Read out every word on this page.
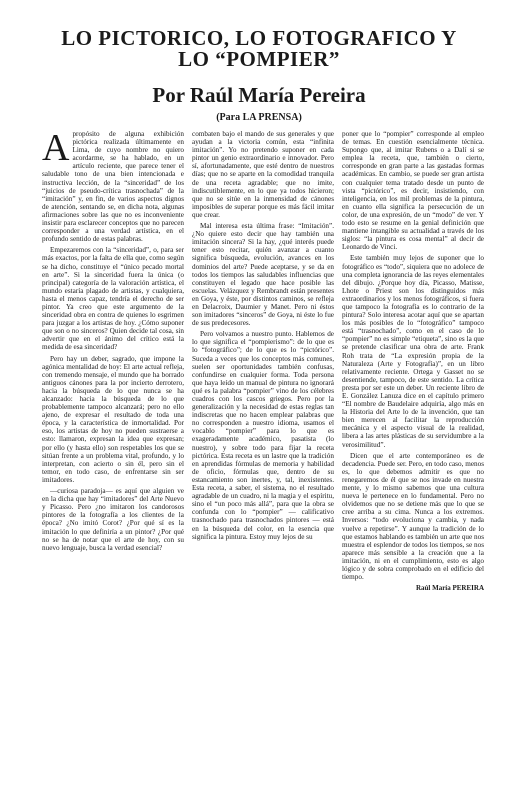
LO PICTORICO, LO FOTOGRAFICO Y
LO “POMPIER”
Por Raúl María Pereira
(Para LA PRENSA)

A propósito de alguna exhibición pictórica realizada últimamente en Lima, de cuyo nombre no quiero acordarme, se ha hablado, en un artículo reciente, que parece tener el saludable tono de una bien intencionada e instructiva lección, de la “sinceridad” de los “juicios de pseudo-crítica trasnochada” de la “imitación” y, en fin, de varios aspectos dignos de atención, sentando se, en dicha nota, algunas afirmaciones sobre las que no es inconveniente insistir para esclarecer conceptos que no parecen corresponder a una verdad artística, en el profundo sentido de estas palabras.

Empezaremos con la “sinceridad”, o, para ser más exactos, por la falta de ella que, como según se ha dicho, constituye el “único pecado mortal en arte”. Si la sinceridad fuera la única (o principal) categoría de la valoración artística, el mundo estaría plagado de artistas, y cualquiera, hasta el menos capaz, tendría el derecho de ser pintor. Ya creo que este argumento de la sinceridad obra en contra de quienes lo esgrimen para juzgar a los artistas de hoy. ¿Cómo suponer que son o no sinceros? Quien decide tal cosa, sin advertir que en el ánimo del crítico está la medida de esa sinceridad?

Pero hay un deber, sagrado, que impone la agónica mentalidad de hoy: El arte actual refleja, con tremendo mensaje, el mundo que ha borrado antiguos cánones para la por incierto derrotero, hacia la búsqueda de lo que nunca se ha alcanzado: hacia la búsqueda de lo que probablemente tampoco alcanzará; pero no ello ajeno, de expresar el resultado de toda una época, y la característica de inmortalidad. Por eso, los artistas de hoy no pueden sustraerse a esto: llamaron, expresan la idea que expresan; por ello (y hasta ello) son respetables los que se sitúan frente a un problema vital, profundo, y lo interpretan, con acierto o sin él, pero sin el temor, en todo caso, de enfrentarse sin ser imitadores.

—curiosa paradoja— es aquí que alguien ve en la dicha que hay “imitadores” del Arte Nuevo y Picasso. Pero ¿no imitaron los candorosos pintores de la fotografía a los clientes de la época? ¿No imitó Corot? ¿Por qué sí es la imitación lo que definiría a un pintor? ¿Por qué no se ha de notar que el arte de hoy, con su nuevo lenguaje, busca la verdad esencial?

combaten bajo el mando de sus generales y que ayudan a la victoria común, esta “infinita imitación”. Yo no pretendo suponer en cada pintor un genio extraordinario e innovador. Pero sí, afortunadamente, que esté dentro de nuestros días; que no se aparte en la comodidad tranquila de una receta agradable; que no imite, indiscutiblemente, en lo que ya todos hicieron; que no se sitúe en la inmensidad de cánones imposibles de superar porque es más fácil imitar que crear.

Mal interesa esta última frase: “Imitación”. ¿No quiere esto decir que hay también una imitación sincera? Si la hay, ¿qué interés puede tener esto recitar, quién avanzar a cuanto significa búsqueda, evolución, avances en los dominios del arte? Puede aceptarse, y se da en todos los tiempos las saludables influencias que constituyen el legado que hace posible las escuelas. Velázquez y Rembrandt están presentes en Goya, y éste, por distintos caminos, se refleja en Delacroix, Daumier y Manet. Pero ni éstos son imitadores “sinceros” de Goya, ni éste lo fue de sus predecesores.

Pero volvamos a nuestro punto. Hablemos de lo que significa el “pompierismo”: de lo que es lo “fotográfico”; de lo que es lo “pictórico”. Suceda a veces que los conceptos más comunes, suelen ser oportunidades también confusas, confundirse en cualquier forma. Toda persona que haya leído un manual de pintura no ignorará qué es la palabra “pompier” vino de los célebres cuadros con los cascos griegos. Pero por la generalización y la necesidad de estas reglas tan indiscretas que no hacen emplear palabras que no corresponden a nuestro idioma, usamos el vocablo “pompier” para lo que es exageradamente académico, pasatista (lo nuestro), y sobre todo para fijar la receta pictórica. Esta receta es un lastre que la tradición en aprendidas fórmulas de memoria y habilidad de oficio, fórmulas que, dentro de su estancamiento son inertes, y, tal, inexistentes. Esta receta, a saber, el sistema, no el resultado agradable de un cuadro, ni la magia y el espíritu, sino el “un poco más allá”, para que la obra se confunda con lo “pompier” — calificativo trasnochado para trasnochados pintores — está en la búsqueda del color, en la esencia que significa la pintura. Estoy muy lejos de su

poner que lo “pompier” corresponde al empleo de temas. En cuestión esencialmente técnica. Supongo que, al imitar Rubens o a Dalí si se emplea la receta, que, también o cierto, corresponde en gran parte a las gastadas formas académicas. En cambio, se puede ser gran artista con cualquier tema tratado desde un punto de vista “pictórico”, es decir, insistiendo, con inteligencia, en los mil problemas de la pintura, en cuanto ella significa la persecución de un color, de una expresión, de un “modo” de ver. Y todo esto se resume en la genial definición que mantiene intangible su actualidad a través de los siglos: “la pintura es cosa mental” al decir de Leonardo de Vinci.

Este también muy lejos de suponer que lo fotográfico es “todo”, siquiera que no adolece de una completa ignorancia de las reyes elementales del dibujo. ¿Porque hoy día, Picasso, Matisse, Lhote o Priest son los distinguidos más extraordinarios y los menos fotográficos, si fuera que tampoco la fotografía es lo contrario de la pintura? Solo interesa acotar aquí que se apartan los más posibles de lo “fotográfico” tampoco está “trasnochado”, como en el caso de lo “pompier” no es simple “etiqueta”, sino es la que se pretende clasificar una obra de arte. Frank Roh trata de “La expresión propia de la Naturaleza (Arte y Fotografía)”, en un libro relativamente reciente. Ortega y Gasset no se desentiende, tampoco, de este sentido. La crítica presta por ser este un deber. Un reciente libro de E. González Lanuza dice en el capítulo primero “El nombre de Baudelaire adquiría, algo más en la Historia del Arte lo de la invención, que tan bien merecen al facilitar la reproducción mecánica y el aspecto visual de la realidad, libera a las artes plásticas de su servidumbre a la verosimilitud”.

Dicen que el arte contemporáneo es de decadencia. Puede ser. Pero, en todo caso, menos es, lo que debemos admitir es que no renegaremos de él que se nos invade en nuestra mente, y lo mismo sabemos que una cultura nueva le pertenece en lo fundamental. Pero no olvidemos que no se detiene más que lo que se cree arriba a su cima. Nunca a los extremos. Inversos: “todo evoluciona y cambia, y nada vuelve a repetirse”. Y aunque la tradición de lo que estamos hablando es también un arte que nos muestra el esplendor de todos los tiempos, se nos aparece más sensible a la creación que a la imitación, ni en el cumplimiento, esto es algo lógico y de sobra comprobado en el edificio del tiempo.

Raúl María PEREIRA
